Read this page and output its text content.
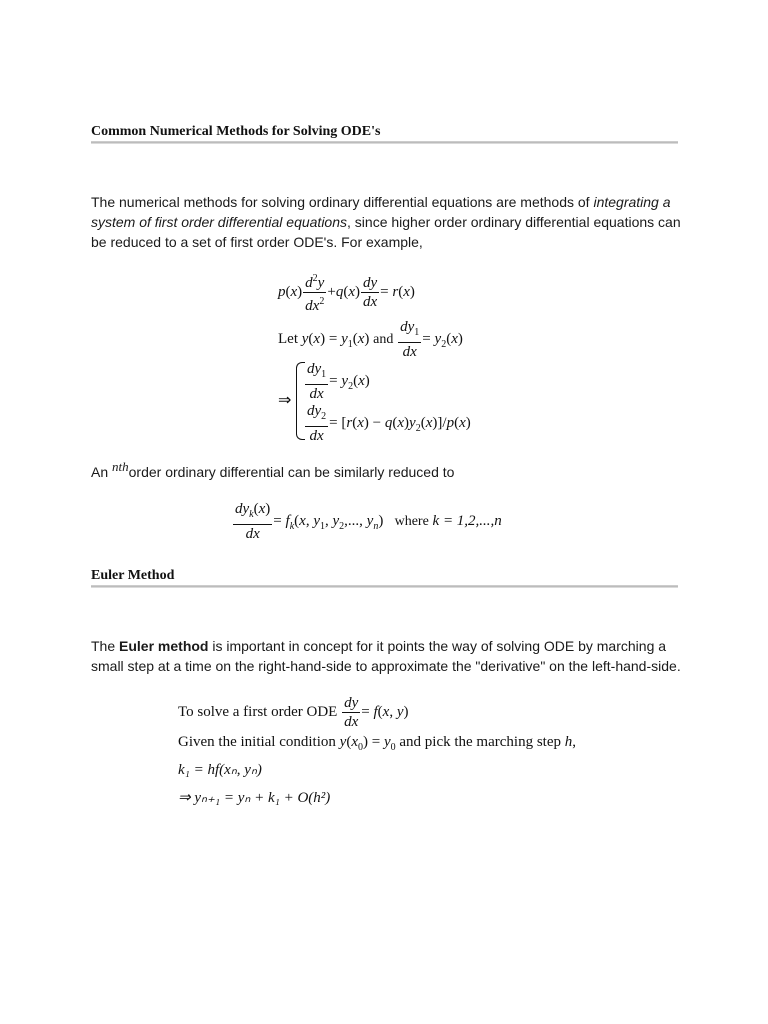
Common Numerical Methods for Solving ODE's
The numerical methods for solving ordinary differential equations are methods of integrating a system of first order differential equations, since higher order ordinary differential equations can be reduced to a set of first order ODE's. For example,
$p(x) \frac{d^2y}{dx^2} +q(x) \frac{dy}{dx} = r(x)$
Let $y(x) = y_1(x)$ and $\frac{dy_1}{dx} = y_2(x)$
⇒ $\frac{dy_1}{dx} = y_2(x)$
$\frac{dy_2}{dx} = [r(x) - q(x)y_2(x)]/p(x)$
An nthorder ordinary differential can be similarly reduced to
$\frac{dy_k(x)}{dx} = f_k(x$, $y_1$, $y_2$,..., $y_n$)   where k = 1,2,...,n
Euler Method
The Euler method is important in concept for it points the way of solving ODE by marching a small step at a time on the right-hand-side to approximate the "derivative" on the left-hand-side.
To solve a first order ODE $\frac{dy}{dx} = f(x$, y)
Given the initial condition $y(x_0) = y_0$ and pick the marching step h,
k₁ = hf(xₙ, yₙ)
⇒ yₙ₊₁ = yₙ + k₁ + O(h²)
